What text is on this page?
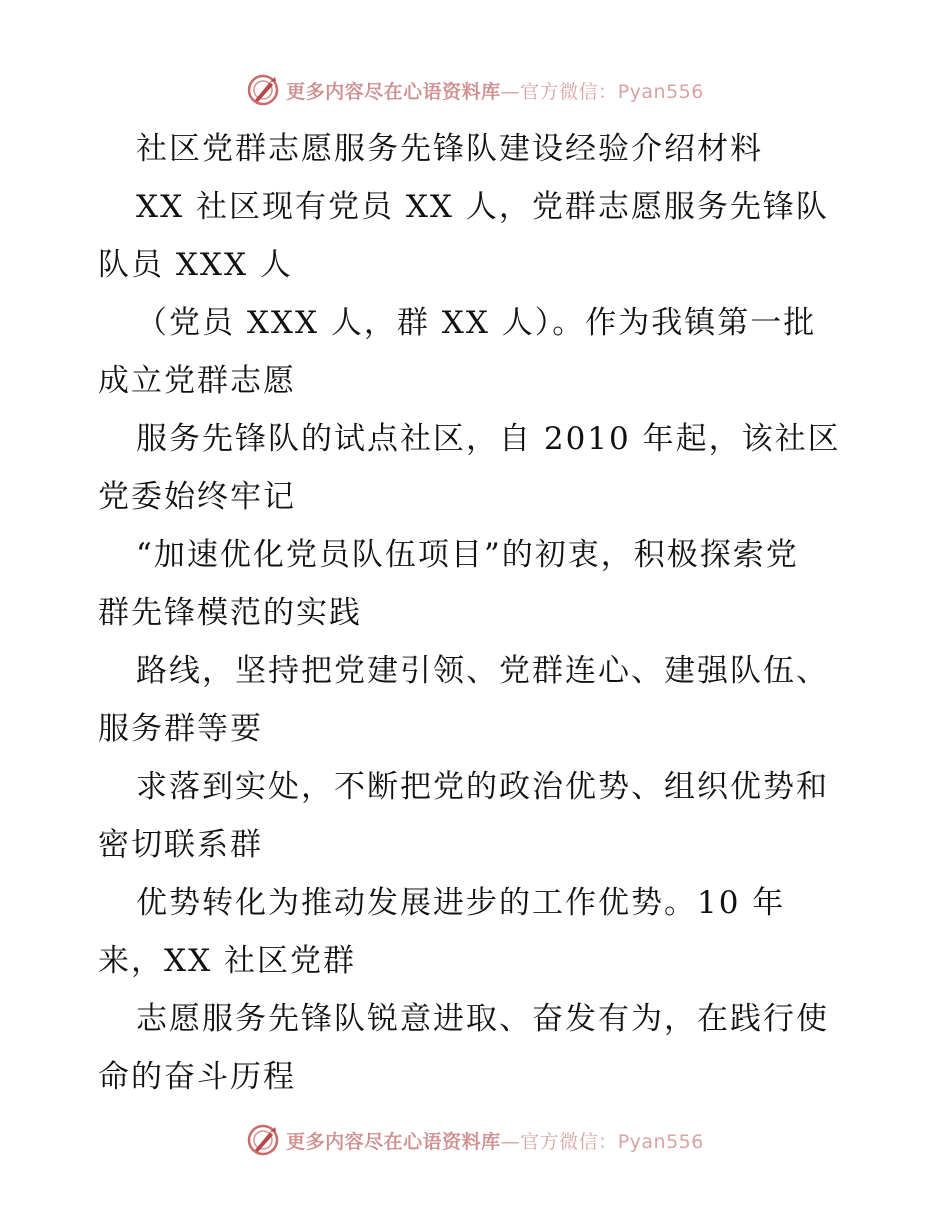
更多内容尽在心语资料库—官方微信：Pyan556
社区党群志愿服务先锋队建设经验介绍材料
XX 社区现有党员 XX 人，党群志愿服务先锋队
队员 XXX 人
（党员 XXX 人，群 XX 人）。作为我镇第一批
成立党群志愿
服务先锋队的试点社区，自 2010 年起，该社区
党委始终牢记
“加速优化党员队伍项目”的初衷，积极探索党
群先锋模范的实践
路线，坚持把党建引领、党群连心、建强队伍、
服务群等要
求落到实处，不断把党的政治优势、组织优势和
密切联系群
优势转化为推动发展进步的工作优势。10 年
来，XX 社区党群
志愿服务先锋队锐意进取、奋发有为，在践行使
命的奋斗历程
更多内容尽在心语资料库—官方微信：Pyan556
